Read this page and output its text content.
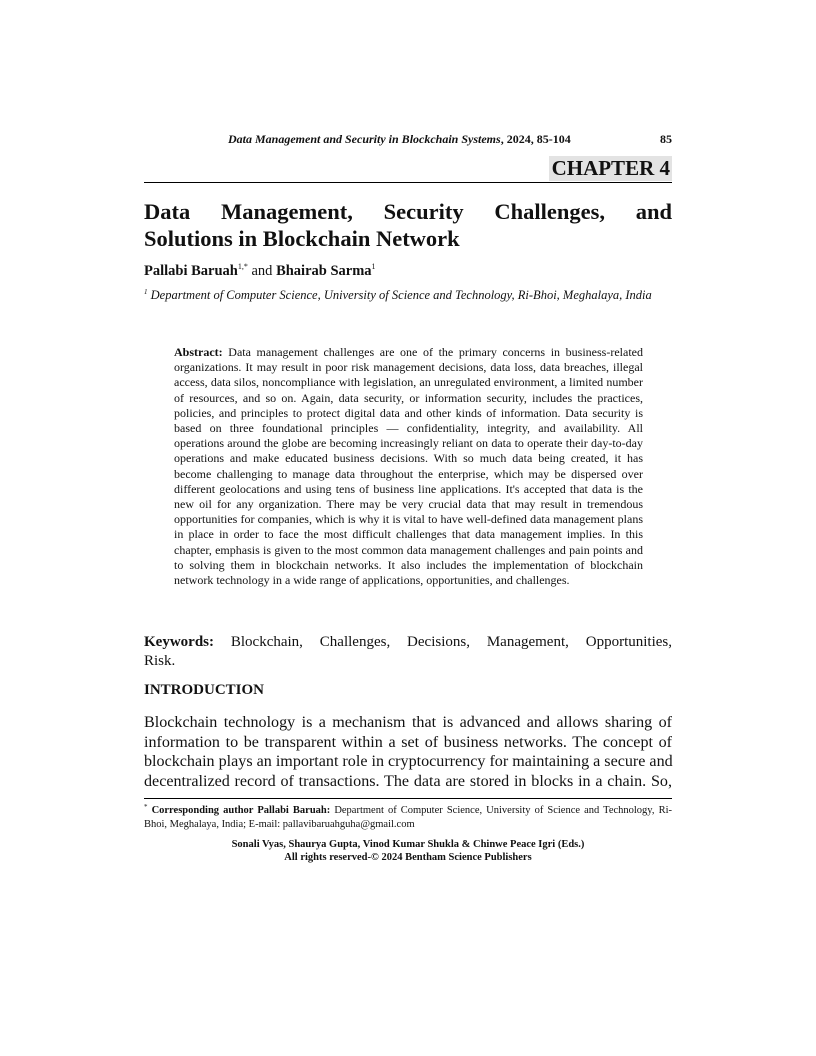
Data Management and Security in Blockchain Systems, 2024, 85-104	85
CHAPTER 4
Data Management, Security Challenges, and
Solutions in Blockchain Network
Pallabi Baruah$^{1,*}$ and Bhairab Sarma$^1$
$^1$ Department of Computer Science, University of Science and Technology, Ri-Bhoi, Meghalaya, India
Abstract: Data management challenges are one of the primary concerns in business-related organizations. It may result in poor risk management decisions, data loss, data breaches, illegal access, data silos, noncompliance with legislation, an unregulated environment, a limited number of resources, and so on. Again, data security, or information security, includes the practices, policies, and principles to protect digital data and other kinds of information. Data security is based on three foundational principles — confidentiality, integrity, and availability. All operations around the globe are becoming increasingly reliant on data to operate their day-to-day operations and make educated business decisions. With so much data being created, it has become challenging to manage data throughout the enterprise, which may be dispersed over different geolocations and using tens of business line applications. It's accepted that data is the new oil for any organization. There may be very crucial data that may result in tremendous opportunities for companies, which is why it is vital to have well-defined data management plans in place in order to face the most difficult challenges that data management implies. In this chapter, emphasis is given to the most common data management challenges and pain points and to solving them in blockchain networks. It also includes the implementation of blockchain network technology in a wide range of applications, opportunities, and challenges.
Keywords: Blockchain, Challenges, Decisions, Management, Opportunities,
Risk.
INTRODUCTION
Blockchain technology is a mechanism that is advanced and allows sharing of
information to be transparent within a set of business networks. The concept of
blockchain plays an important role in cryptocurrency for maintaining a secure and
decentralized record of transactions. The data are stored in blocks in a chain. So,
* Corresponding author Pallabi Baruah: Department of Computer Science, University of Science and Technology, Ri-Bhoi, Meghalaya, India; E-mail: pallavibaruahguha@gmail.com
Sonali Vyas, Shaurya Gupta, Vinod Kumar Shukla & Chinwe Peace Igri (Eds.)
All rights reserved-© 2024 Bentham Science Publishers
